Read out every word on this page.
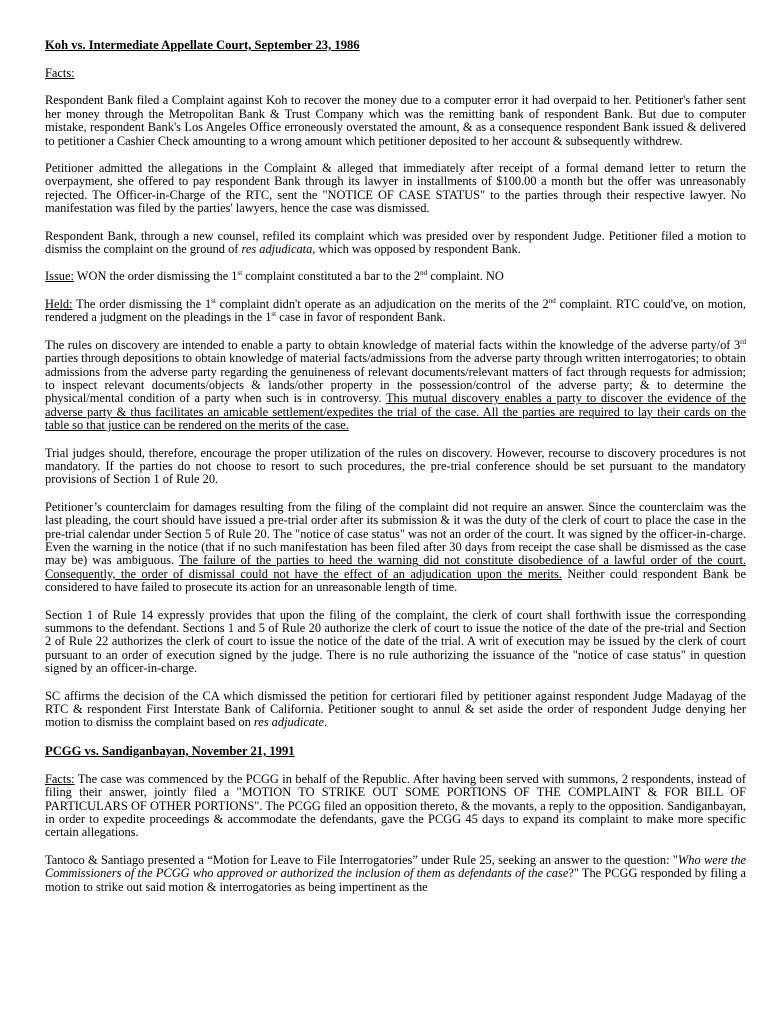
Koh vs. Intermediate Appellate Court, September 23, 1986

Facts:

Respondent Bank filed a Complaint against Koh to recover the money due to a computer error it had overpaid to her. Petitioner's father sent her money through the Metropolitan Bank & Trust Company which was the remitting bank of respondent Bank. But due to computer mistake, respondent Bank's Los Angeles Office erroneously overstated the amount, & as a consequence respondent Bank issued & delivered to petitioner a Cashier Check amounting to a wrong amount which petitioner deposited to her account & subsequently withdrew.

Petitioner admitted the allegations in the Complaint & alleged that immediately after receipt of a formal demand letter to return the overpayment, she offered to pay respondent Bank through its lawyer in installments of $100.00 a month but the offer was unreasonably rejected. The Officer-in-Charge of the RTC, sent the "NOTICE OF CASE STATUS" to the parties through their respective lawyer. No manifestation was filed by the parties' lawyers, hence the case was dismissed.

Respondent Bank, through a new counsel, refiled its complaint which was presided over by respondent Judge. Petitioner filed a motion to dismiss the complaint on the ground of res adjudicata, which was opposed by respondent Bank.

Issue: WON the order dismissing the 1st complaint constituted a bar to the 2nd complaint. NO

Held: The order dismissing the 1st complaint didn't operate as an adjudication on the merits of the 2nd complaint. RTC could've, on motion, rendered a judgment on the pleadings in the 1st case in favor of respondent Bank.

The rules on discovery are intended to enable a party to obtain knowledge of material facts within the knowledge of the adverse party/of 3rd parties through depositions to obtain knowledge of material facts/admissions from the adverse party through written interrogatories; to obtain admissions from the adverse party regarding the genuineness of relevant documents/relevant matters of fact through requests for admission; to inspect relevant documents/objects & lands/other property in the possession/control of the adverse party; & to determine the physical/mental condition of a party when such is in controversy. This mutual discovery enables a party to discover the evidence of the adverse party & thus facilitates an amicable settlement/expedites the trial of the case. All the parties are required to lay their cards on the table so that justice can be rendered on the merits of the case.

Trial judges should, therefore, encourage the proper utilization of the rules on discovery. However, recourse to discovery procedures is not mandatory. If the parties do not choose to resort to such procedures, the pre-trial conference should be set pursuant to the mandatory provisions of Section 1 of Rule 20.

Petitioner’s counterclaim for damages resulting from the filing of the complaint did not require an answer. Since the counterclaim was the last pleading, the court should have issued a pre-trial order after its submission & it was the duty of the clerk of court to place the case in the pre-trial calendar under Section 5 of Rule 20. The "notice of case status" was not an order of the court. It was signed by the officer-in-charge. Even the warning in the notice (that if no such manifestation has been filed after 30 days from receipt the case shall be dismissed as the case may be) was ambiguous. The failure of the parties to heed the warning did not constitute disobedience of a lawful order of the court. Consequently, the order of dismissal could not have the effect of an adjudication upon the merits. Neither could respondent Bank be considered to have failed to prosecute its action for an unreasonable length of time.

Section 1 of Rule 14 expressly provides that upon the filing of the complaint, the clerk of court shall forthwith issue the corresponding summons to the defendant. Sections 1 and 5 of Rule 20 authorize the clerk of court to issue the notice of the date of the pre-trial and Section 2 of Rule 22 authorizes the clerk of court to issue the notice of the date of the trial. A writ of execution may be issued by the clerk of court pursuant to an order of execution signed by the judge. There is no rule authorizing the issuance of the "notice of case status" in question signed by an officer-in-charge.

SC affirms the decision of the CA which dismissed the petition for certiorari filed by petitioner against respondent Judge Madayag of the RTC & respondent First Interstate Bank of California. Petitioner sought to annul & set aside the order of respondent Judge denying her motion to dismiss the complaint based on res adjudicate.

PCGG vs. Sandiganbayan, November 21, 1991

Facts: The case was commenced by the PCGG in behalf of the Republic. After having been served with summons, 2 respondents, instead of filing their answer, jointly filed a "MOTION TO STRIKE OUT SOME PORTIONS OF THE COMPLAINT & FOR BILL OF PARTICULARS OF OTHER PORTIONS". The PCGG filed an opposition thereto, & the movants, a reply to the opposition. Sandiganbayan, in order to expedite proceedings & accommodate the defendants, gave the PCGG 45 days to expand its complaint to make more specific certain allegations.

Tantoco & Santiago presented a “Motion for Leave to File Interrogatories” under Rule 25, seeking an answer to the question: "Who were the Commissioners of the PCGG who approved or authorized the inclusion of them as defendants of the case?" The PCGG responded by filing a motion to strike out said motion & interrogatories as being impertinent as the
